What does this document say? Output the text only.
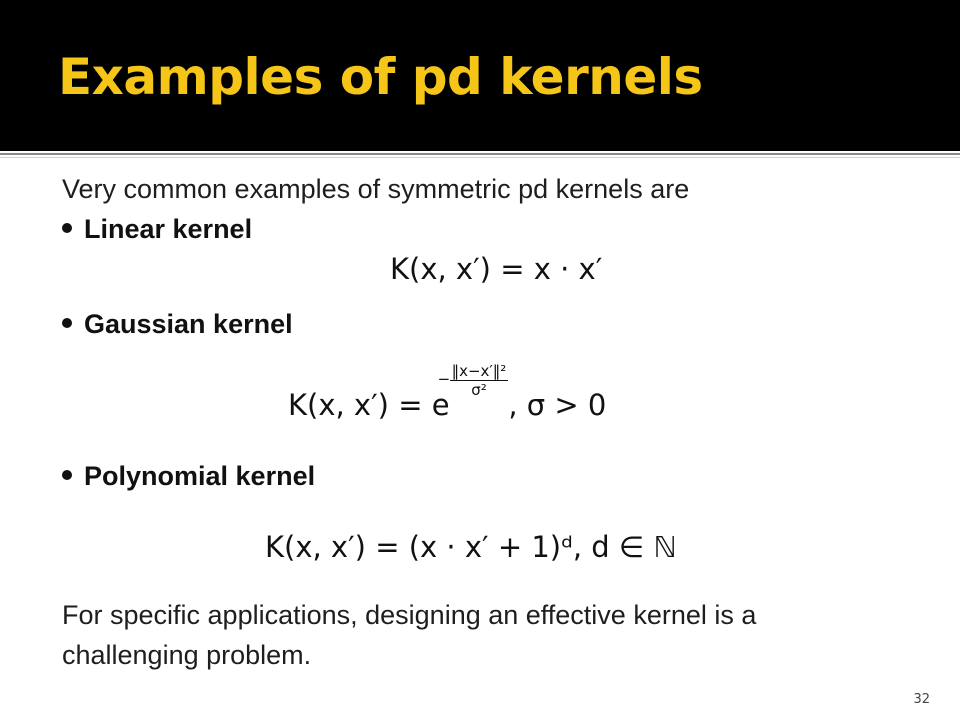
Examples of pd kernels
Very common examples of symmetric pd kernels are
Linear kernel
K(x, x′) = x · x′
Gaussian kernel
K(x, x′) = e
− ‖x−x′‖²
σ² , σ > 0
Polynomial kernel
K(x, x′) = (x · x′ + 1)ᵈ, d ∈ ℕ
For specific applications, designing an effective kernel is a
challenging problem.
32
